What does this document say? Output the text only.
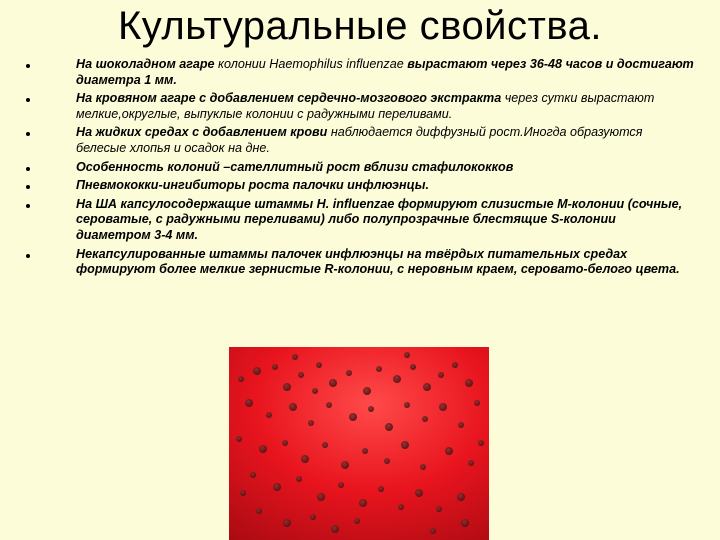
Культуральные свойства.
На шоколадном агаре колонии Haemophilus influenzae вырастают через 36-48 часов и достигают диаметра 1 мм.
На кровяном агаре с добавлением сердечно-мозгового экстракта через сутки вырастают мелкие,округлые, выпуклые колонии с радужными переливами.
На жидких средах с добавлением крови наблюдается диффузный рост.Иногда образуются белесые хлопья и осадок на дне.
Особенность колоний –сателлитный рост вблизи стафилококков
Пневмококки-ингибиторы роста палочки инфлюэнцы.
На ША капсулосодержащие штаммы H. influenzae формируют слизистые М-колонии (сочные, сероватые, с радужными переливами) либо полупрозрачные блестящие S-колонии диаметром 3-4 мм.
Некапсулированные штаммы палочек инфлюэнцы на твёрдых питательных средах формируют более мелкие зернистые R-колонии, с неровным краем, серовато-белого цвета.
